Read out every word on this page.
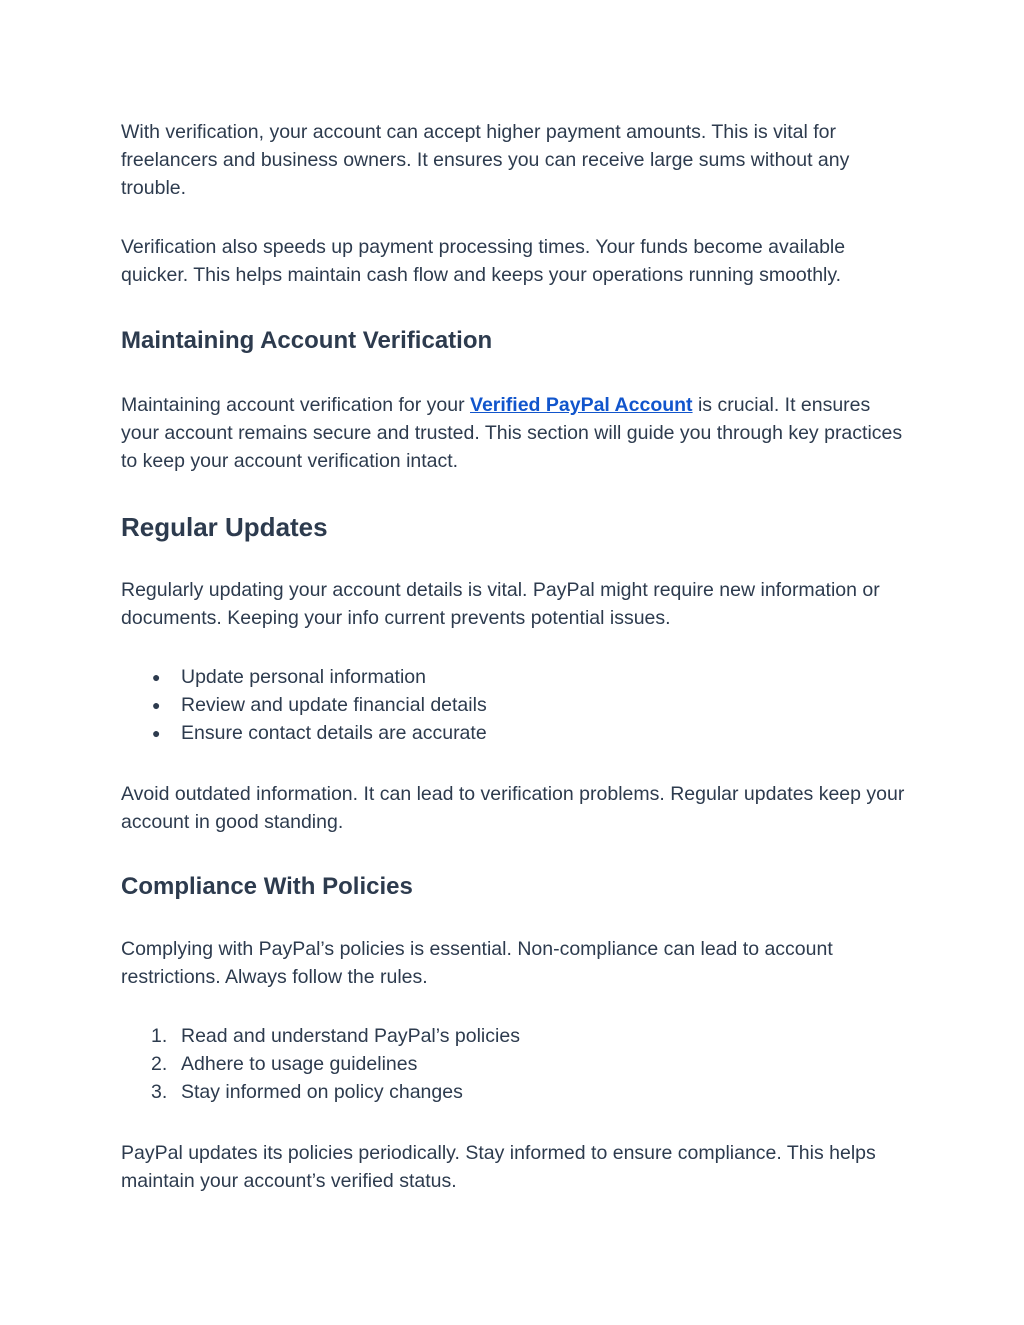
With verification, your account can accept higher payment amounts. This is vital for freelancers and business owners. It ensures you can receive large sums without any trouble.

Verification also speeds up payment processing times. Your funds become available quicker. This helps maintain cash flow and keeps your operations running smoothly.

Maintaining Account Verification

Maintaining account verification for your Verified PayPal Account is crucial. It ensures your account remains secure and trusted. This section will guide you through key practices to keep your account verification intact.

Regular Updates

Regularly updating your account details is vital. PayPal might require new information or documents. Keeping your info current prevents potential issues.

● Update personal information
● Review and update financial details
● Ensure contact details are accurate

Avoid outdated information. It can lead to verification problems. Regular updates keep your account in good standing.

Compliance With Policies

Complying with PayPal’s policies is essential. Non-compliance can lead to account restrictions. Always follow the rules.

1. Read and understand PayPal’s policies
2. Adhere to usage guidelines
3. Stay informed on policy changes

PayPal updates its policies periodically. Stay informed to ensure compliance. This helps maintain your account’s verified status.
